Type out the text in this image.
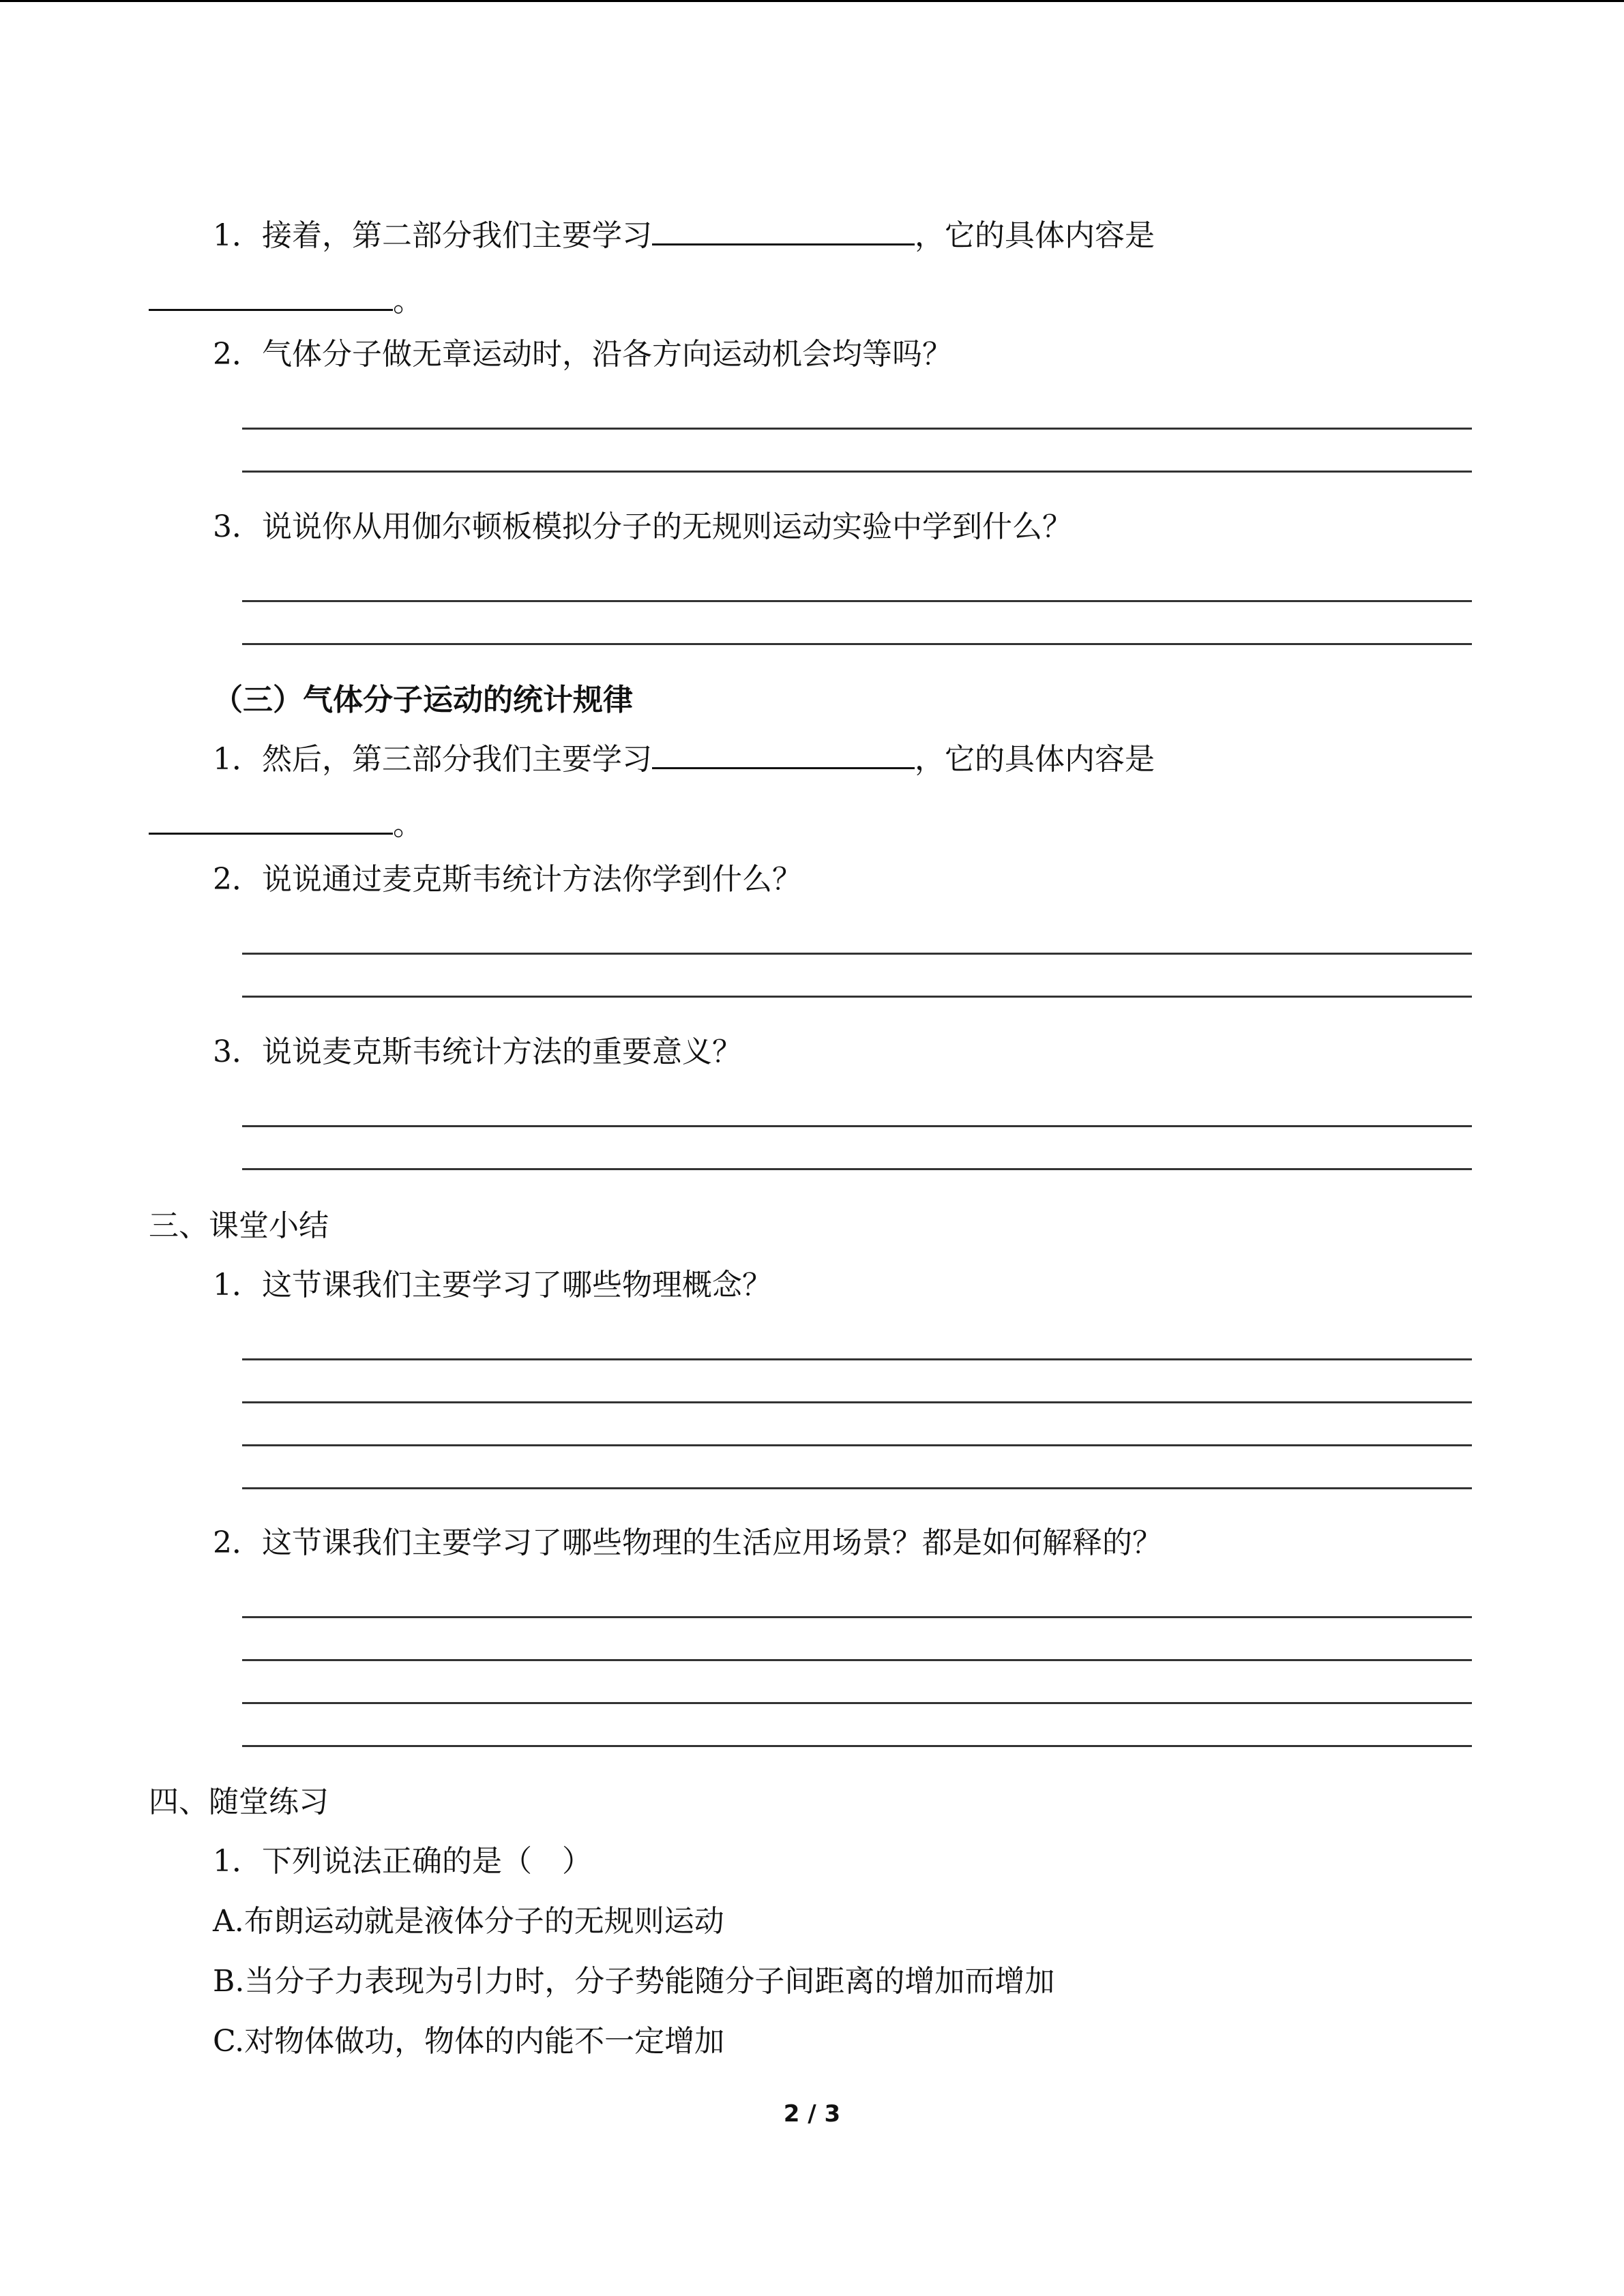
1．接着，第二部分我们主要学习	，它的具体内容是
。
2．气体分子做无章运动时，沿各方向运动机会均等吗？
3．说说你从用伽尔顿板模拟分子的无规则运动实验中学到什么？
（三）气体分子运动的统计规律
1．然后，第三部分我们主要学习	，它的具体内容是
。
2．说说通过麦克斯韦统计方法你学到什么？
3．说说麦克斯韦统计方法的重要意义？
三、课堂小结
1．这节课我们主要学习了哪些物理概念？
2．这节课我们主要学习了哪些物理的生活应用场景？都是如何解释的？
四、随堂练习
1．下列说法正确的是（　）
A.布朗运动就是液体分子的无规则运动
B.当分子力表现为引力时，分子势能随分子间距离的增加而增加
C.对物体做功，物体的内能不一定增加
2 / 3
